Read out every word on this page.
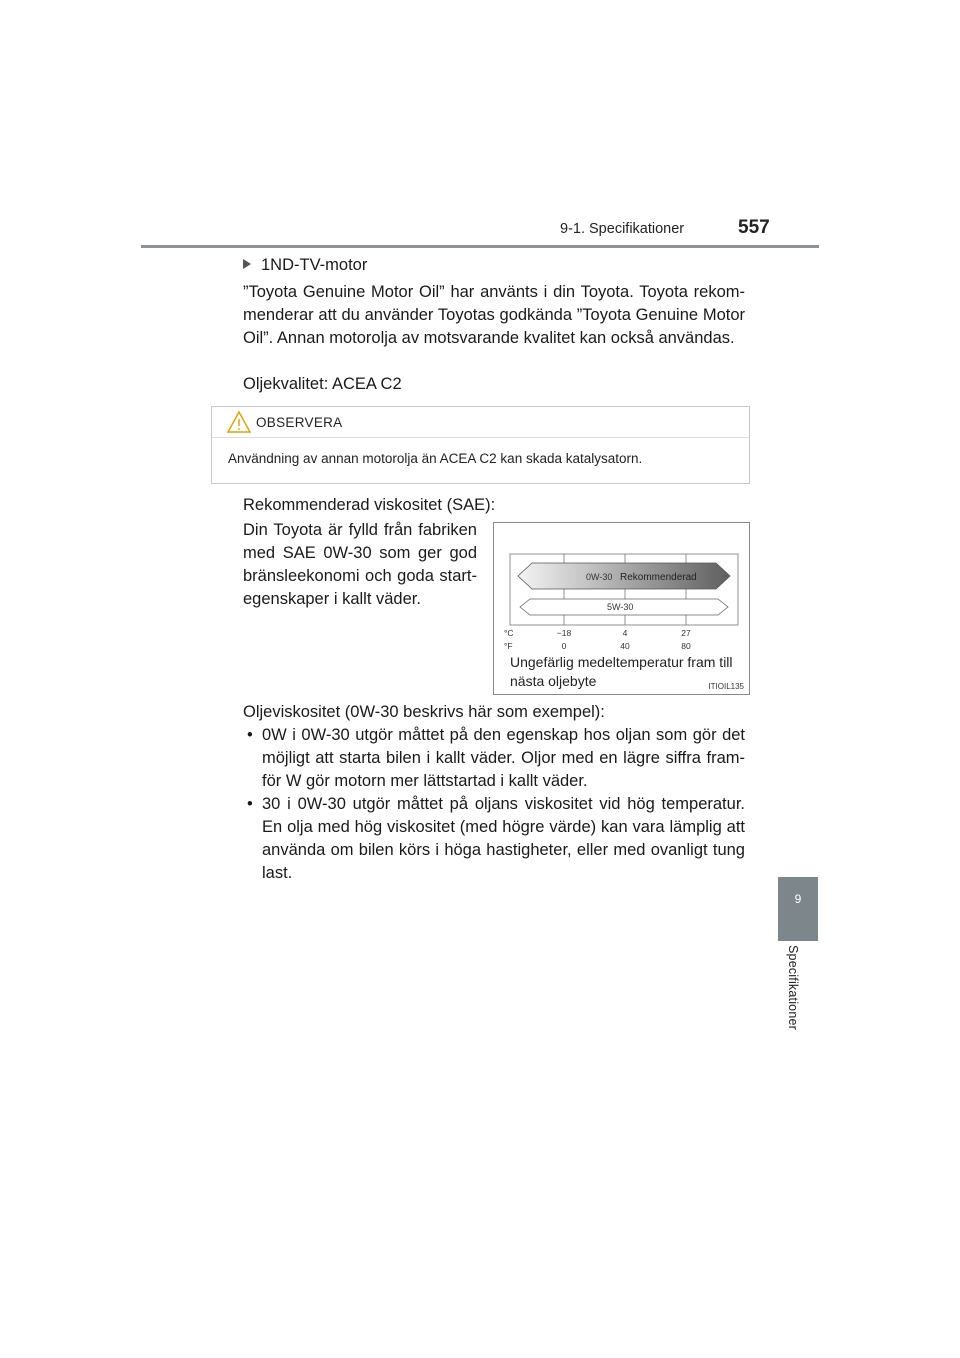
9-1. Specifikationer	557
9
Specifikationer
1ND-TV-motor
”Toyota Genuine Motor Oil” har använts i din Toyota. Toyota rekommenderar att du använder Toyotas godkända ”Toyota Genuine Motor Oil”. Annan motorolja av motsvarande kvalitet kan också användas.
Oljekvalitet: ACEA C2
OBSERVERA
Användning av annan motorolja än ACEA C2 kan skada katalysatorn.
Rekommenderad viskositet (SAE):
Din Toyota är fylld från fabriken med SAE 0W-30 som ger god bränsleekonomi och goda startegenskaper i kallt väder.
0W-30 Rekommenderad
5W-30
°C
°F
−18	4	27
0	40	80
Ungefärlig medeltemperatur fram till nästa oljebyte	ITIOIL135
Oljeviskositet (0W-30 beskrivs här som exempel):
• 0W i 0W-30 utgör måttet på den egenskap hos oljan som gör det möjligt att starta bilen i kallt väder. Oljor med en lägre siffra framför W gör motorn mer lättstartad i kallt väder.
• 30 i 0W-30 utgör måttet på oljans viskositet vid hög temperatur. En olja med hög viskositet (med högre värde) kan vara lämplig att använda om bilen körs i höga hastigheter, eller med ovanligt tung last.
